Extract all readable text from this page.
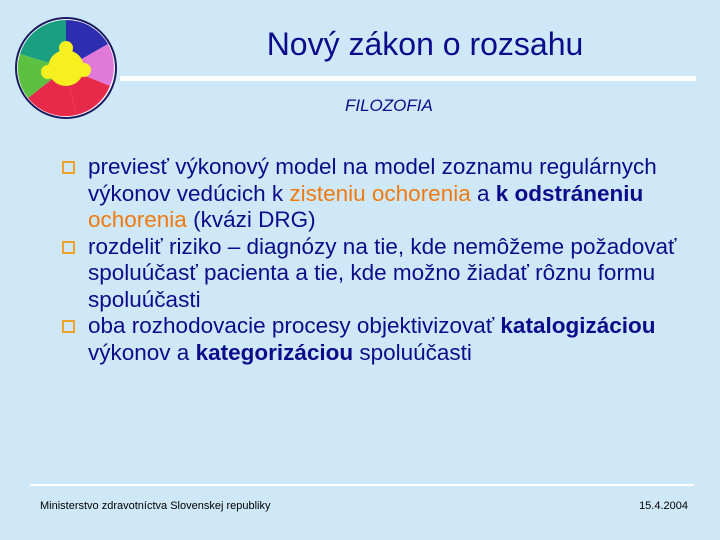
Nový zákon o rozsahu
FILOZOFIA
previesť výkonový model na model zoznamu regulárnych výkonov vedúcich k zisteniu ochorenia a k odstráneniu ochorenia (kvázi DRG)
rozdeliť riziko – diagnózy na tie, kde nemôžeme požadovať spoluúčasť pacienta a tie, kde možno žiadať rôznu formu spoluúčasti
oba rozhodovacie procesy objektivizovať katalogizáciou výkonov a kategorizáciou spoluúčasti
Ministerstvo zdravotníctva Slovenskej republiky	15.4.2004
